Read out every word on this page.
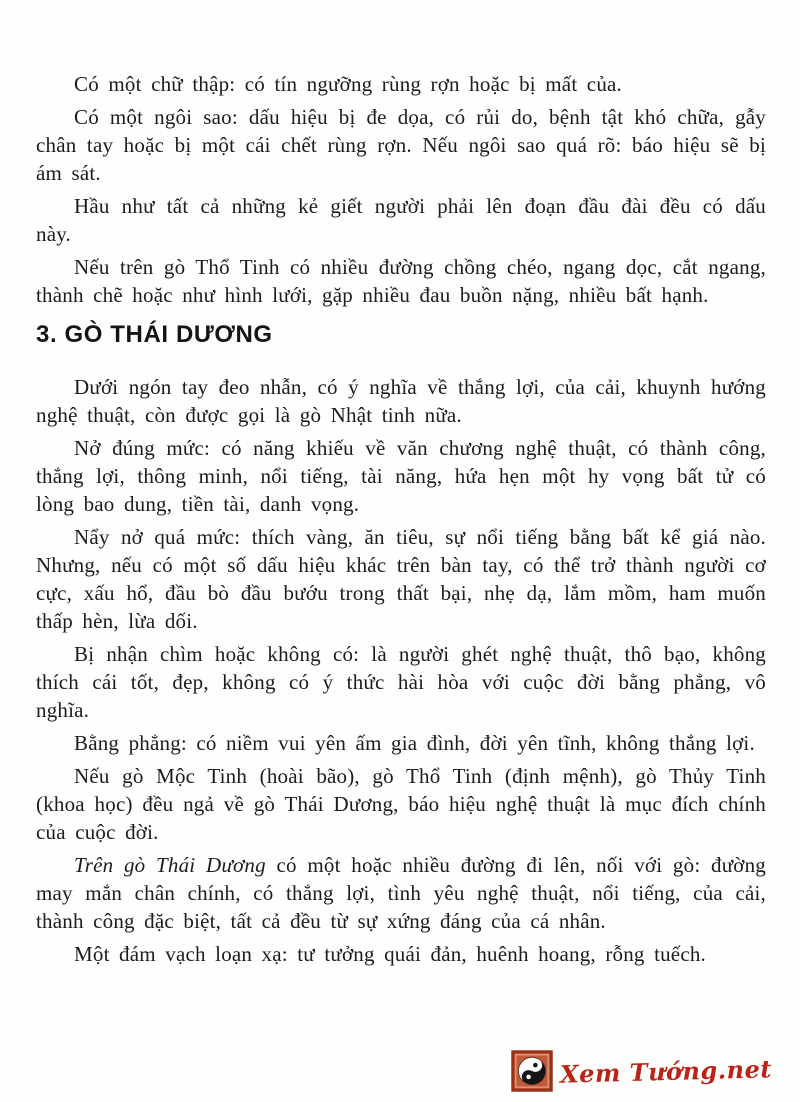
Có một chữ thập: có tín ngưỡng rùng rợn hoặc bị mất của.

Có một ngôi sao: dấu hiệu bị đe dọa, có rủi do, bệnh tật khó chữa, gẫy chân tay hoặc bị một cái chết rùng rợn. Nếu ngôi sao quá rõ: báo hiệu sẽ bị ám sát.

Hầu như tất cả những kẻ giết người phải lên đoạn đầu đài đều có dấu này.

Nếu trên gò Thổ Tinh có nhiều đường chồng chéo, ngang dọc, cắt ngang, thành chẽ hoặc như hình lưới, gặp nhiều đau buồn nặng, nhiều bất hạnh.

3. GÒ THÁI DƯƠNG

Dưới ngón tay đeo nhẫn, có ý nghĩa về thắng lợi, của cải, khuynh hướng nghệ thuật, còn được gọi là gò Nhật tinh nữa.

Nở đúng mức: có năng khiếu về văn chương nghệ thuật, có thành công, thắng lợi, thông minh, nổi tiếng, tài năng, hứa hẹn một hy vọng bất tử có lòng bao dung, tiền tài, danh vọng.

Nẩy nở quá mức: thích vàng, ăn tiêu, sự nổi tiếng bằng bất kể giá nào. Nhưng, nếu có một số dấu hiệu khác trên bàn tay, có thể trở thành người cơ cực, xấu hổ, đầu bò đầu bướu trong thất bại, nhẹ dạ, lắm mồm, ham muốn thấp hèn, lừa dối.

Bị nhận chìm hoặc không có: là người ghét nghệ thuật, thô bạo, không thích cái tốt, đẹp, không có ý thức hài hòa với cuộc đời bằng phẳng, vô nghĩa.

Bằng phẳng: có niềm vui yên ấm gia đình, đời yên tĩnh, không thắng lợi.

Nếu gò Mộc Tinh (hoài bão), gò Thổ Tinh (định mệnh), gò Thủy Tinh (khoa học) đều ngả về gò Thái Dương, báo hiệu nghệ thuật là mục đích chính của cuộc đời.

Trên gò Thái Dương có một hoặc nhiều đường đi lên, nối với gò: đường may mắn chân chính, có thắng lợi, tình yêu nghệ thuật, nổi tiếng, của cải, thành công đặc biệt, tất cả đều từ sự xứng đáng của cá nhân.

Một đám vạch loạn xạ: tư tưởng quái đản, huênh hoang, rỗng tuếch.

Xem Tướng.net
